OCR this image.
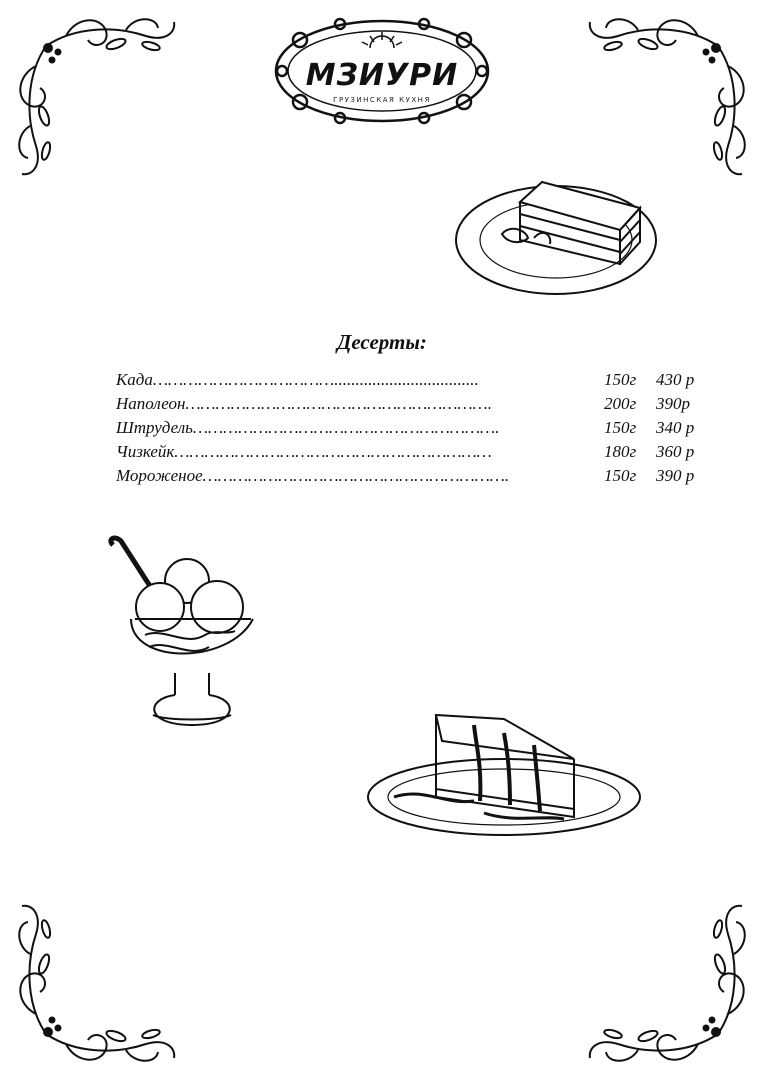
МЗИУРИ
ГРУЗИНСКАЯ КУХНЯ
Десерты:
Када………………………………..................................	150г 430 р
Наполеон…………………………………………………….	200г 390р
Штрудель…………………………………………………….	150г 340 р
Чизкейк………………………………………………………	180г 360 р
Мороженое…………………………………………………….	150г 390 р
